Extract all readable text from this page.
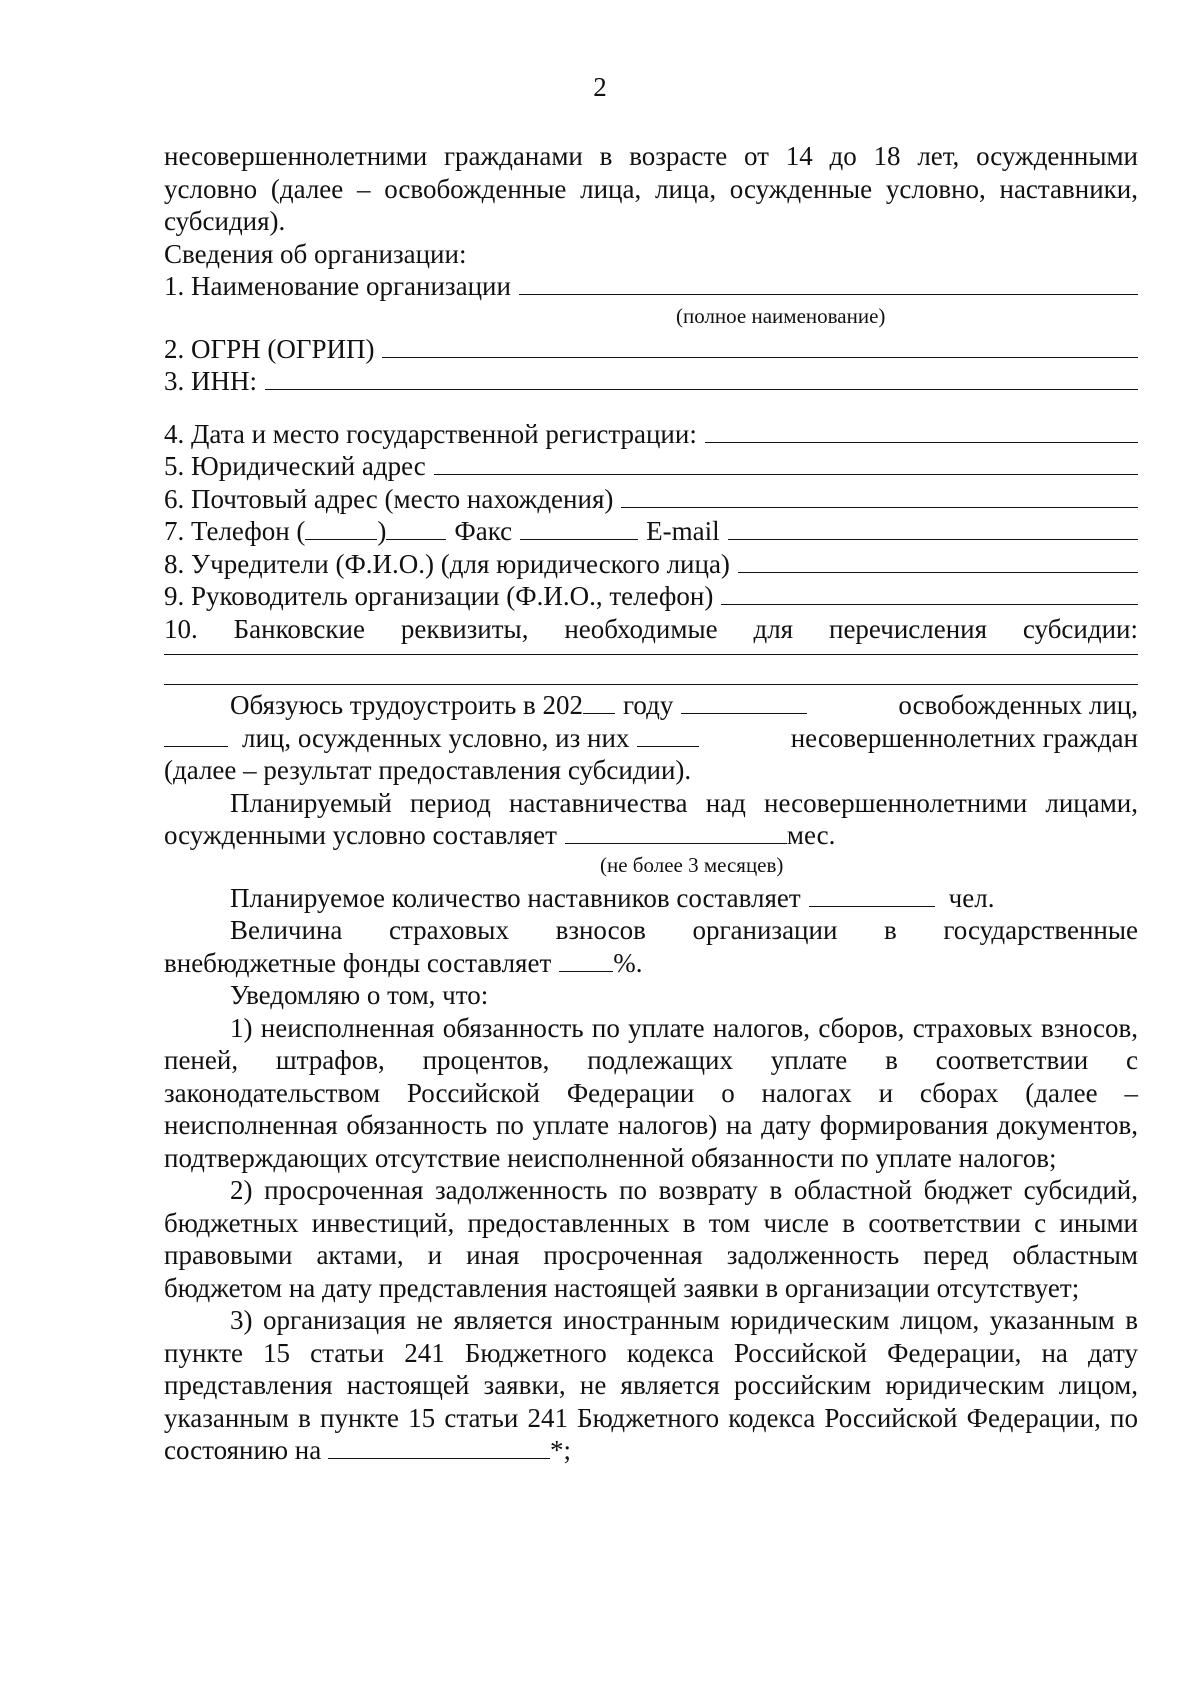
2

несовершеннолетними гражданами в возрасте от 14 до 18 лет, осужденными

условно (далее – освобожденные лица, лица, осужденные условно, наставники, субсидия).

Сведения об организации:

1. Наименование организации
(полное наименование)
2. ОГРН (ОГРИП)
3. ИНН:
4. Дата и место государственной регистрации:
5. Юридический адрес
6. Почтовый адрес (место нахождения)
7. Телефон (	)	Факс	E-mail
8. Учредители (Ф.И.О.) (для юридического лица)
9. Руководитель организации (Ф.И.О., телефон)

10. Банковские реквизиты, необходимые для перечисления субсидии:

Обязуюсь трудоустроить в 202 году	освобожденных лиц,
лиц, осужденных условно, из них	несовершеннолетних граждан

(далее – результат предоставления субсидии).

Планируемый период наставничества над несовершеннолетними лицами,

осужденными условно составляет	мес.
(не более 3 месяцев)
Планируемое количество наставников составляет	чел.

Величина страховых взносов организации в государственные

внебюджетные фонды составляет %.

Уведомляю о том, что:

1) неисполненная обязанность по уплате налогов, сборов, страховых взносов, пеней, штрафов, процентов, подлежащих уплате в соответствии с законодательством Российской Федерации о налогах и сборах (далее – неисполненная обязанность по уплате налогов) на дату формирования документов, подтверждающих отсутствие неисполненной обязанности по уплате налогов;

2) просроченная задолженность по возврату в областной бюджет субсидий, бюджетных инвестиций, предоставленных в том числе в соответствии с иными правовыми актами, и иная просроченная задолженность перед областным бюджетом на дату представления настоящей заявки в организации отсутствует;

3) организация не является иностранным юридическим лицом, указанным в пункте 15 статьи 241 Бюджетного кодекса Российской Федерации, на дату представления настоящей заявки, не является российским юридическим лицом, указанным в пункте 15 статьи 241 Бюджетного кодекса Российской Федерации, по состоянию на	*;
